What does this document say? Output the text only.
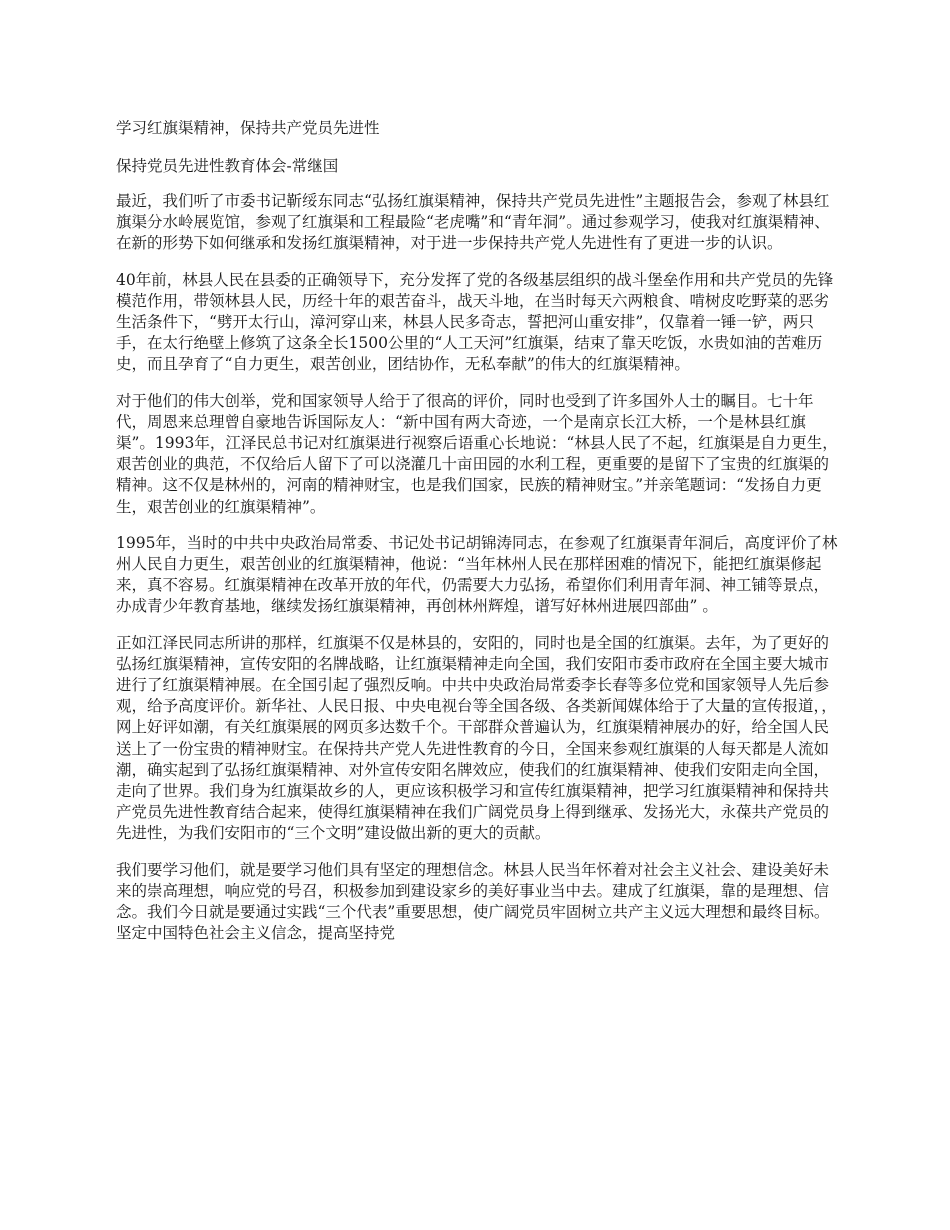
学习红旗渠精神，保持共产党员先进性

保持党员先进性教育体会-常继国

最近，我们听了市委书记靳绥东同志“弘扬红旗渠精神，保持共产党员先进性”主题报告会，参观了林县红旗渠分水岭展览馆，参观了红旗渠和工程最险“老虎嘴”和“青年洞”。通过参观学习，使我对红旗渠精神、在新的形势下如何继承和发扬红旗渠精神，对于进一步保持共产党人先进性有了更进一步的认识。

40年前，林县人民在县委的正确领导下，充分发挥了党的各级基层组织的战斗堡垒作用和共产党员的先锋模范作用，带领林县人民，历经十年的艰苦奋斗，战天斗地，在当时每天六两粮食、啃树皮吃野菜的恶劣生活条件下，“劈开太行山，漳河穿山来，林县人民多奇志，誓把河山重安排”，仅靠着一锤一铲，两只手，在太行绝壁上修筑了这条全长1500公里的“人工天河”红旗渠，结束了靠天吃饭，水贵如油的苦难历史，而且孕育了“自力更生，艰苦创业，团结协作，无私奉献”的伟大的红旗渠精神。

对于他们的伟大创举，党和国家领导人给于了很高的评价，同时也受到了许多国外人士的瞩目。七十年代，周恩来总理曾自豪地告诉国际友人：“新中国有两大奇迹，一个是南京长江大桥，一个是林县红旗渠”。1993年，江泽民总书记对红旗渠进行视察后语重心长地说：“林县人民了不起，红旗渠是自力更生，艰苦创业的典范，不仅给后人留下了可以浇灌几十亩田园的水利工程，更重要的是留下了宝贵的红旗渠的精神。这不仅是林州的，河南的精神财宝，也是我们国家，民族的精神财宝。”并亲笔题词：“发扬自力更生，艰苦创业的红旗渠精神”。

1995年，当时的中共中央政治局常委、书记处书记胡锦涛同志，在参观了红旗渠青年洞后，高度评价了林州人民自力更生，艰苦创业的红旗渠精神，他说：“当年林州人民在那样困难的情况下，能把红旗渠修起来，真不容易。红旗渠精神在改革开放的年代，仍需要大力弘扬，希望你们利用青年洞、神工铺等景点，办成青少年教育基地，继续发扬红旗渠精神，再创林州辉煌，谱写好林州进展四部曲” 。

正如江泽民同志所讲的那样，红旗渠不仅是林县的，安阳的，同时也是全国的红旗渠。去年，为了更好的弘扬红旗渠精神，宣传安阳的名牌战略，让红旗渠精神走向全国，我们安阳市委市政府在全国主要大城市进行了红旗渠精神展。在全国引起了强烈反响。中共中央政治局常委李长春等多位党和国家领导人先后参观，给予高度评价。新华社、人民日报、中央电视台等全国各级、各类新闻媒体给于了大量的宣传报道，，网上好评如潮，有关红旗渠展的网页多达数千个。干部群众普遍认为，红旗渠精神展办的好，给全国人民送上了一份宝贵的精神财宝。在保持共产党人先进性教育的今日，全国来参观红旗渠的人每天都是人流如潮，确实起到了弘扬红旗渠精神、对外宣传安阳名牌效应，使我们的红旗渠精神、使我们安阳走向全国，走向了世界。我们身为红旗渠故乡的人，更应该积极学习和宣传红旗渠精神，把学习红旗渠精神和保持共产党员先进性教育结合起来，使得红旗渠精神在我们广阔党员身上得到继承、发扬光大，永葆共产党员的先进性，为我们安阳市的“三个文明”建设做出新的更大的贡献。

我们要学习他们，就是要学习他们具有坚定的理想信念。林县人民当年怀着对社会主义社会、建设美好未来的崇高理想，响应党的号召，积极参加到建设家乡的美好事业当中去。建成了红旗渠，靠的是理想、信念。我们今日就是要通过实践“三个代表”重要思想，使广阔党员牢固树立共产主义远大理想和最终目标。坚定中国特色社会主义信念，提高坚持党
